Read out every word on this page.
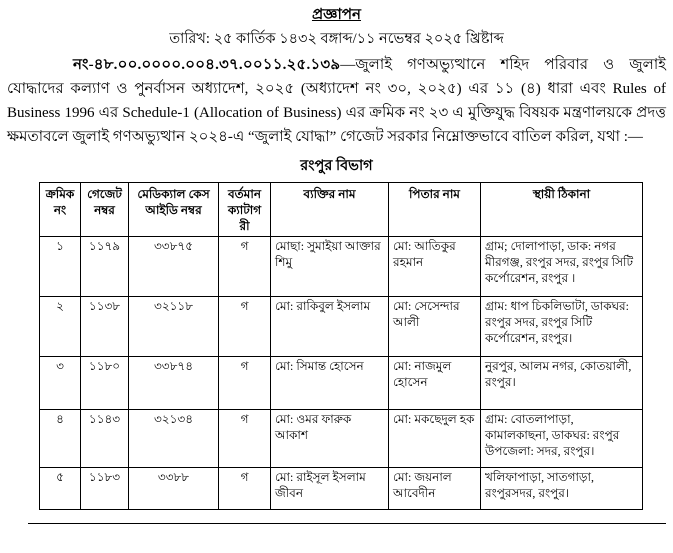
প্রজ্ঞাপন
তারিখ: ২৫ কার্তিক ১৪৩২ বঙ্গাব্দ/১১ নভেম্বর ২০২৫ খ্রিষ্টাব্দ

নং-৪৮.০০.০০০০.০০৪.৩৭.০০১১.২৫.১৩৯—জুলাই গণঅভ্যুত্থানে শহিদ পরিবার ও জুলাই যোদ্ধাদের কল্যাণ ও পুনর্বাসন অধ্যাদেশ, ২০২৫ (অধ্যাদেশ নং ৩০, ২০২৫) এর ১১ (৪) ধারা এবং Rules of Business 1996 এর Schedule-1 (Allocation of Business) এর ক্রমিক নং ২৩ এ মুক্তিযুদ্ধ বিষয়ক মন্ত্রণালয়কে প্রদত্ত ক্ষমতাবলে জুলাই গণঅভ্যুত্থান ২০২৪-এ “জুলাই যোদ্ধা” গেজেট সরকার নিম্নোক্তভাবে বাতিল করিল, যথা :—

রংপুর বিভাগ
ক্রমিক নং	গেজেট নম্বর	মেডিক্যাল কেস আইডি নম্বর	বর্তমান ক্যাটাগরী	ব্যক্তির নাম	পিতার নাম	স্থায়ী ঠিকানা
১	১১৭৯	৩৩৮৭৫	গ	মোছা: সুমাইয়া আক্তার শিমু	মো: আতিকুর রহমান	গ্রাম; দোলাপাড়া, ডাক: নগর মীরগঞ্জ, রংপুর সদর, রংপুর সিটি কর্পোরেশন, রংপুর ।
২	১১৩৮	৩২১১৮	গ	মো: রাকিবুল ইসলাম	মো: সেসেন্দার আলী	গ্রাম: ধাপ চিকলিভাটা, ডাকঘর: রংপুর সদর, রংপুর সিটি কর্পোরেশন, রংপুর।
৩	১১৮০	৩৩৮৭৪	গ	মো: সিমান্ত হোসেন	মো: নাজমুল হোসেন	নুরপুর, আলম নগর, কোতয়ালী, রংপুর।
৪	১১৪৩	৩২১৩৪	গ	মো: ওমর ফারুক আকাশ	মো: মকছেদুল হক	গ্রাম: বোতলাপাড়া, কামালকাছনা, ডাকঘর: রংপুর উপজেলা: সদর, রংপুর।
৫	১১৮৩	৩৩৮৮	গ	মো: রাইসূল ইসলাম জীবন	মো: জয়নাল আবেদীন	খলিফাপাড়া, সাতগাড়া, রংপুরসদর, রংপুর।
